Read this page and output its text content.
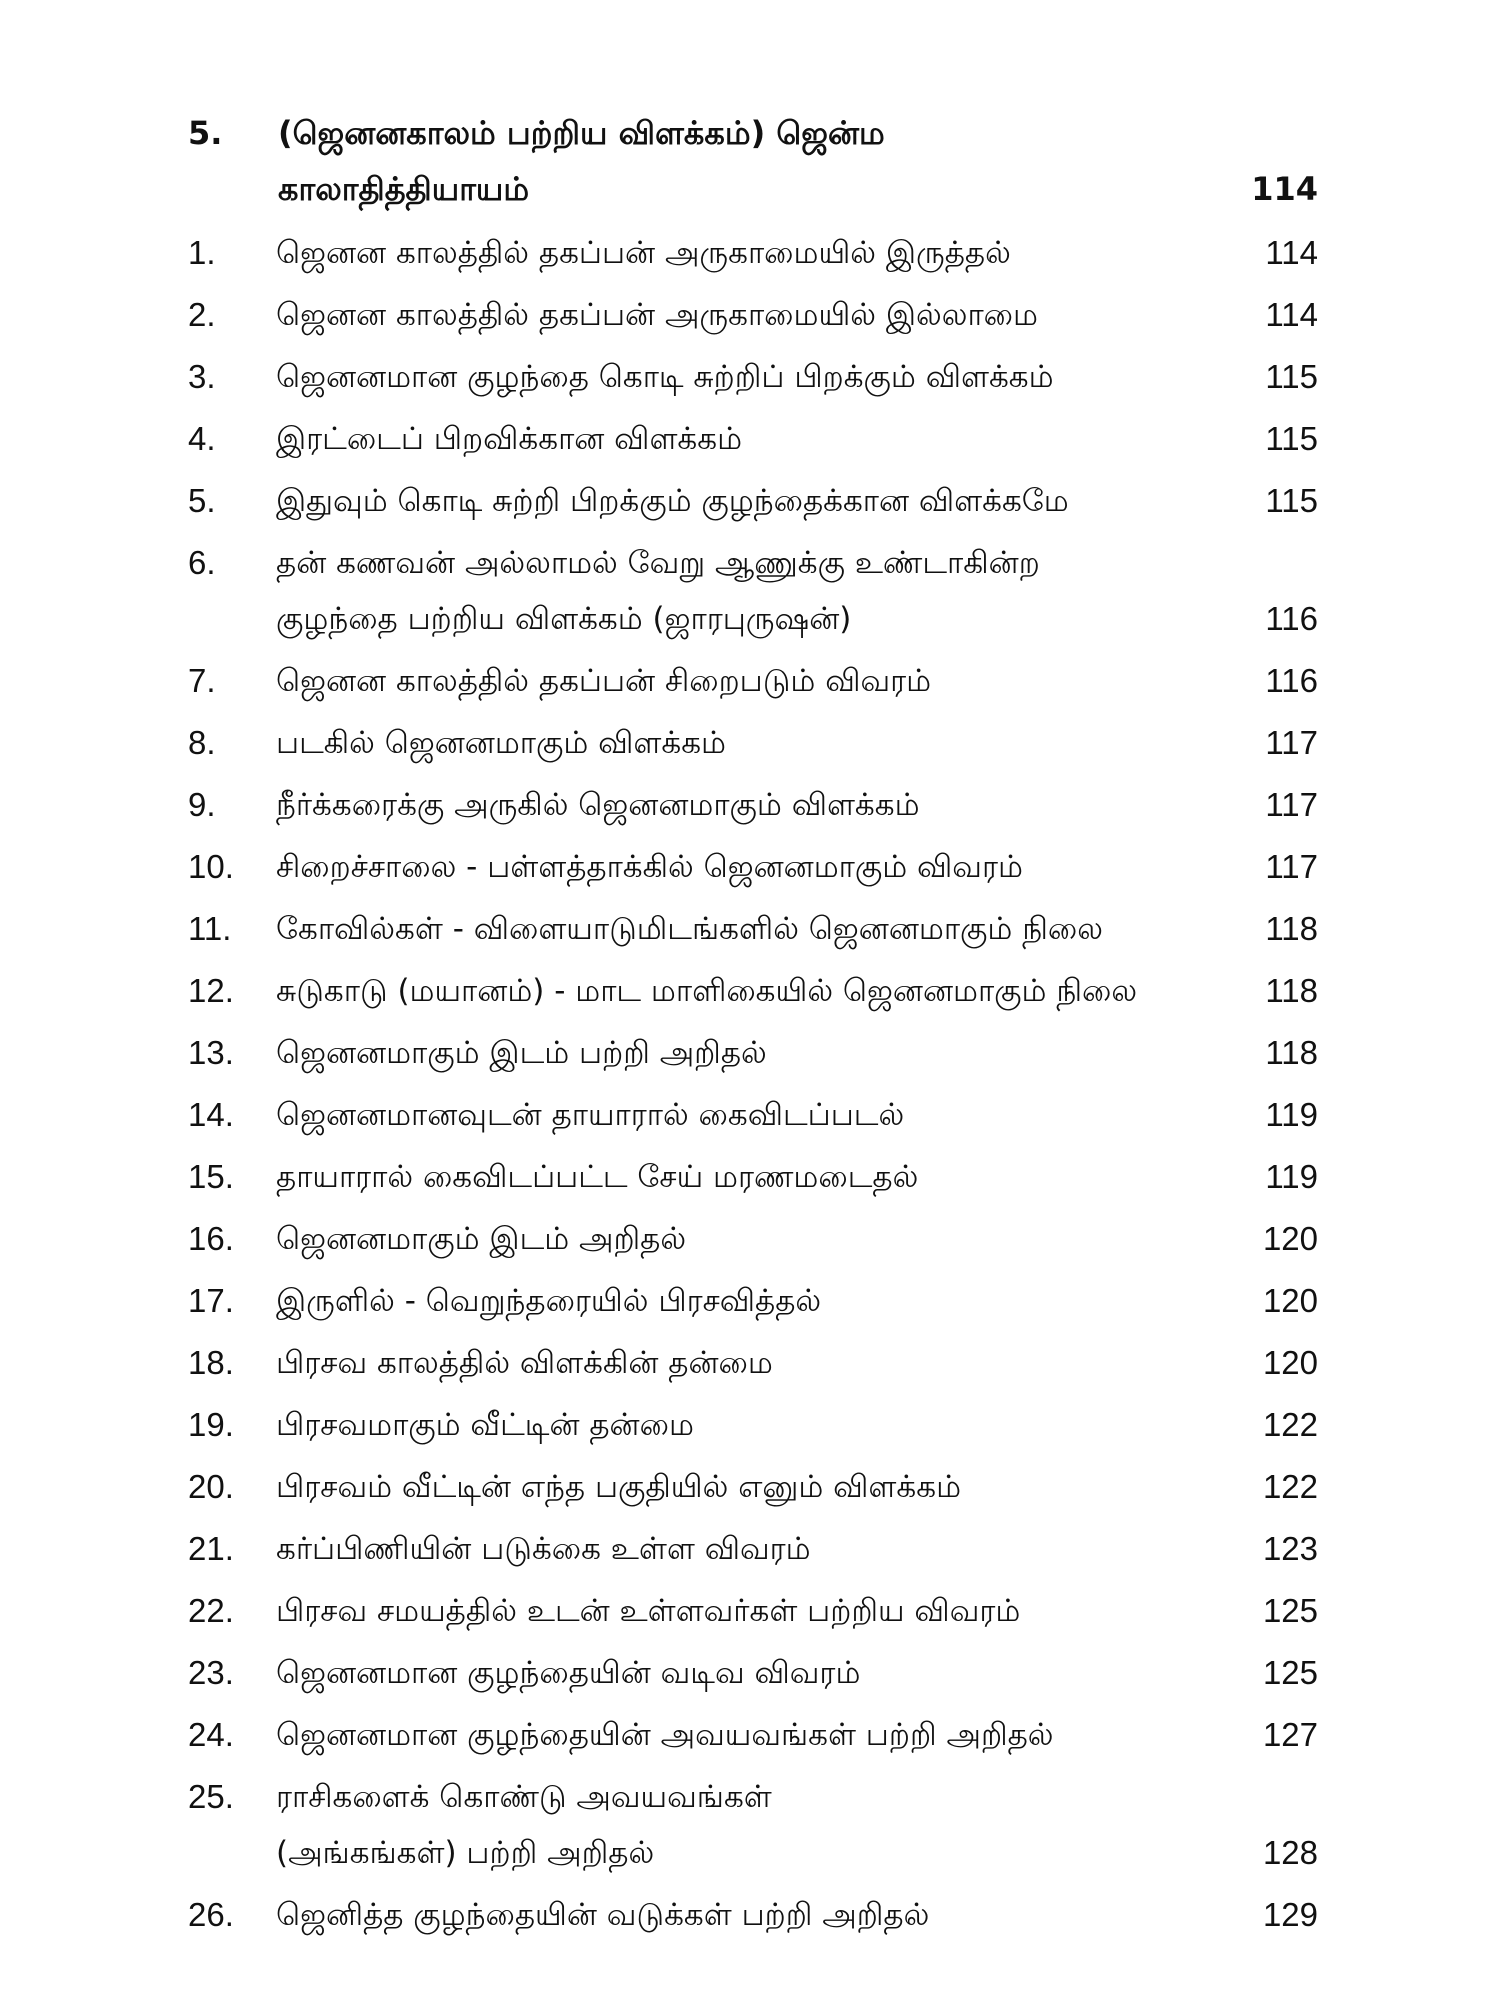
5. (ஜெனனகாலம் பற்றிய விளக்கம்) ஜென்ம
காலாதித்தியாயம்	114
1.	ஜெனன காலத்தில் தகப்பன் அருகாமையில் இருத்தல்	114
2.	ஜெனன காலத்தில் தகப்பன் அருகாமையில் இல்லாமை	114
3.	ஜெனனமான குழந்தை கொடி சுற்றிப் பிறக்கும் விளக்கம்	115
4.	இரட்டைப் பிறவிக்கான விளக்கம்	115
5.	இதுவும் கொடி சுற்றி பிறக்கும் குழந்தைக்கான விளக்கமே	115
6.	தன் கணவன் அல்லாமல் வேறு ஆணுக்கு உண்டாகின்ற
குழந்தை பற்றிய விளக்கம் (ஜாரபுருஷன்)	116
7.	ஜெனன காலத்தில் தகப்பன் சிறைபடும் விவரம்	116
8.	படகில் ஜெனனமாகும் விளக்கம்	117
9.	நீர்க்கரைக்கு அருகில் ஜெனனமாகும் விளக்கம்	117
10.	சிறைச்சாலை - பள்ளத்தாக்கில் ஜெனனமாகும் விவரம்	117
11.	கோவில்கள் - விளையாடுமிடங்களில் ஜெனனமாகும் நிலை	118
12.	சுடுகாடு (மயானம்) - மாட மாளிகையில் ஜெனனமாகும் நிலை	118
13.	ஜெனனமாகும் இடம் பற்றி அறிதல்	118
14.	ஜெனனமானவுடன் தாயாரால் கைவிடப்படல்	119
15.	தாயாரால் கைவிடப்பட்ட சேய் மரணமடைதல்	119
16.	ஜெனனமாகும் இடம் அறிதல்	120
17.	இருளில் - வெறுந்தரையில் பிரசவித்தல்	120
18.	பிரசவ காலத்தில் விளக்கின் தன்மை	120
19.	பிரசவமாகும் வீட்டின் தன்மை	122
20.	பிரசவம் வீட்டின் எந்த பகுதியில் எனும் விளக்கம்	122
21.	கர்ப்பிணியின் படுக்கை உள்ள விவரம்	123
22.	பிரசவ சமயத்தில் உடன் உள்ளவர்கள் பற்றிய விவரம்	125
23.	ஜெனனமான குழந்தையின் வடிவ விவரம்	125
24.	ஜெனனமான குழந்தையின் அவயவங்கள் பற்றி அறிதல்	127
25.	ராசிகளைக் கொண்டு அவயவங்கள்
(அங்கங்கள்) பற்றி அறிதல்	128
26.	ஜெனித்த குழந்தையின் வடுக்கள் பற்றி அறிதல்	129
